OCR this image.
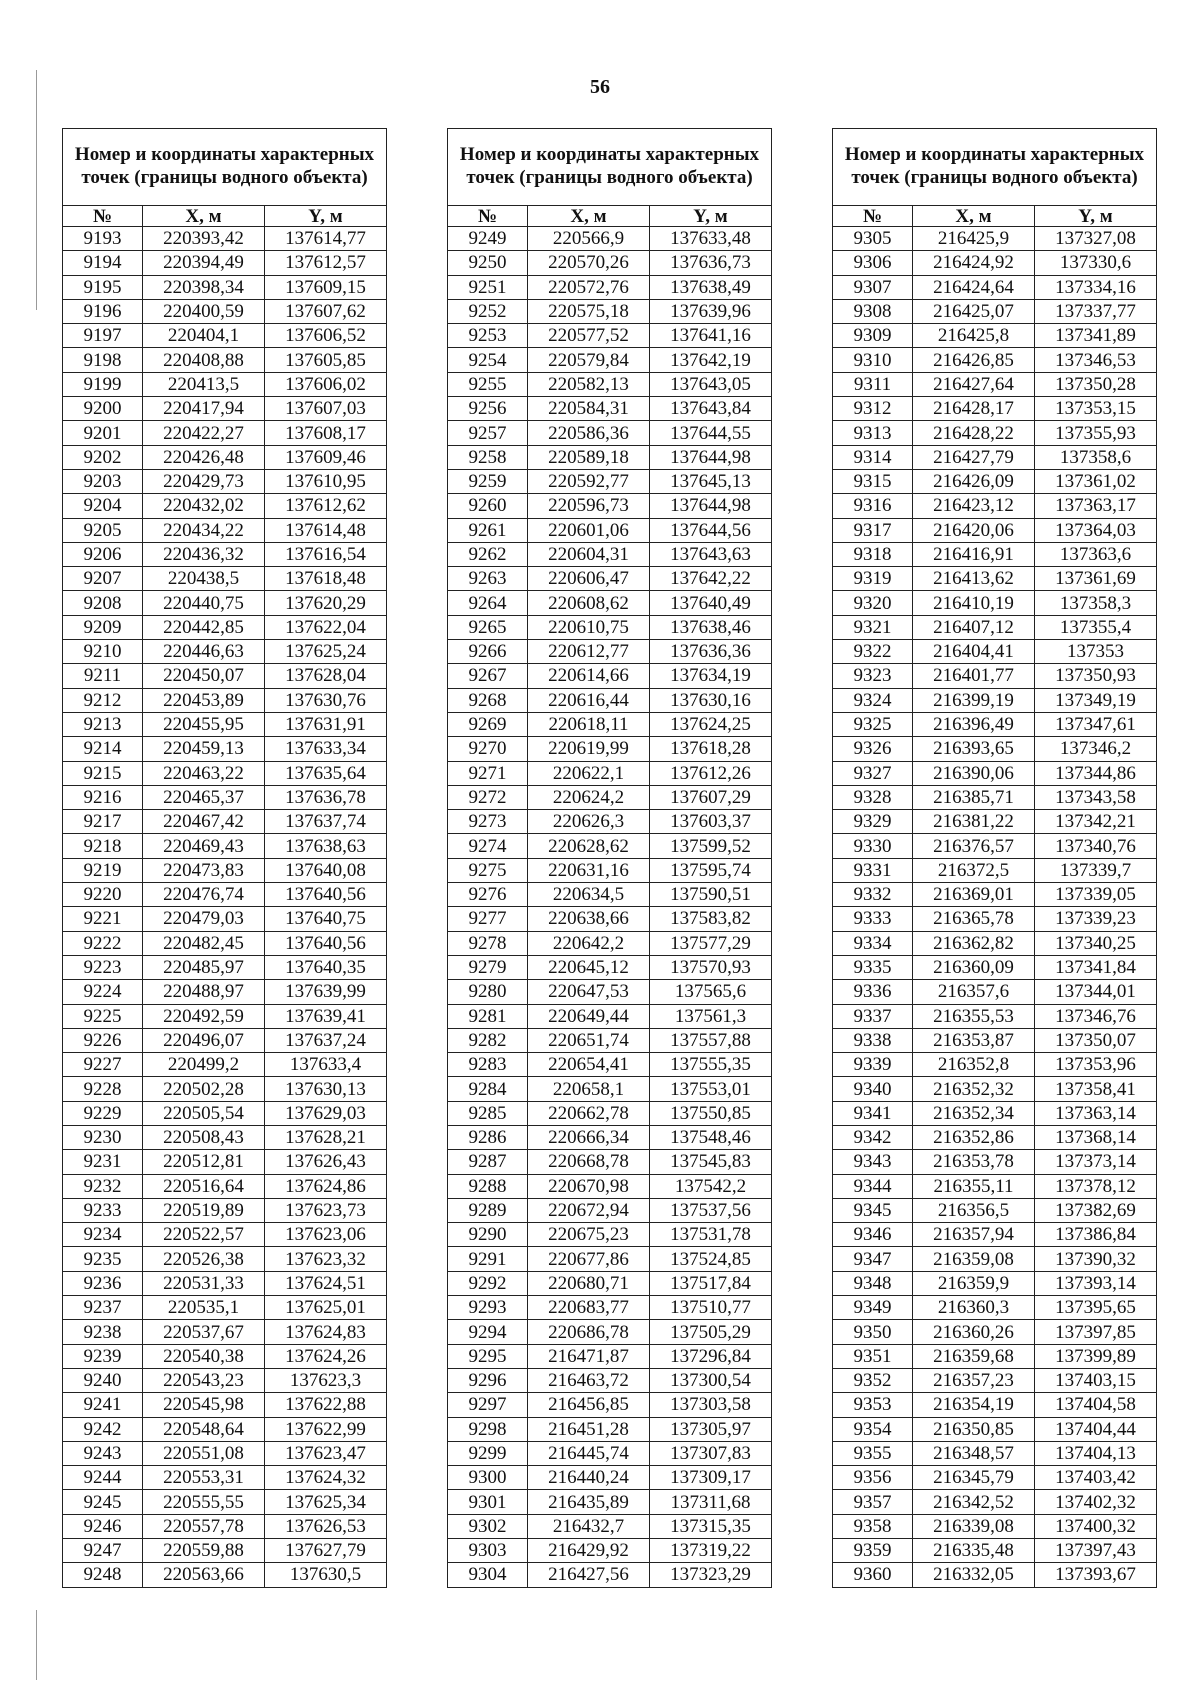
56
Номер и координаты характерных точек (границы водного объекта)		
№	X, м	Y, м
9193	220393,42	137614,77
9194	220394,49	137612,57
9195	220398,34	137609,15
9196	220400,59	137607,62
9197	220404,1	137606,52
9198	220408,88	137605,85
9199	220413,5	137606,02
9200	220417,94	137607,03
9201	220422,27	137608,17
9202	220426,48	137609,46
9203	220429,73	137610,95
9204	220432,02	137612,62
9205	220434,22	137614,48
9206	220436,32	137616,54
9207	220438,5	137618,48
9208	220440,75	137620,29
9209	220442,85	137622,04
9210	220446,63	137625,24
9211	220450,07	137628,04
9212	220453,89	137630,76
9213	220455,95	137631,91
9214	220459,13	137633,34
9215	220463,22	137635,64
9216	220465,37	137636,78
9217	220467,42	137637,74
9218	220469,43	137638,63
9219	220473,83	137640,08
9220	220476,74	137640,56
9221	220479,03	137640,75
9222	220482,45	137640,56
9223	220485,97	137640,35
9224	220488,97	137639,99
9225	220492,59	137639,41
9226	220496,07	137637,24
9227	220499,2	137633,4
9228	220502,28	137630,13
9229	220505,54	137629,03
9230	220508,43	137628,21
9231	220512,81	137626,43
9232	220516,64	137624,86
9233	220519,89	137623,73
9234	220522,57	137623,06
9235	220526,38	137623,32
9236	220531,33	137624,51
9237	220535,1	137625,01
9238	220537,67	137624,83
9239	220540,38	137624,26
9240	220543,23	137623,3
9241	220545,98	137622,88
9242	220548,64	137622,99
9243	220551,08	137623,47
9244	220553,31	137624,32
9245	220555,55	137625,34
9246	220557,78	137626,53
9247	220559,88	137627,79
9248	220563,66	137630,5
Номер и координаты характерных точек (границы водного объекта)		
№	X, м	Y, м
9249	220566,9	137633,48
9250	220570,26	137636,73
9251	220572,76	137638,49
9252	220575,18	137639,96
9253	220577,52	137641,16
9254	220579,84	137642,19
9255	220582,13	137643,05
9256	220584,31	137643,84
9257	220586,36	137644,55
9258	220589,18	137644,98
9259	220592,77	137645,13
9260	220596,73	137644,98
9261	220601,06	137644,56
9262	220604,31	137643,63
9263	220606,47	137642,22
9264	220608,62	137640,49
9265	220610,75	137638,46
9266	220612,77	137636,36
9267	220614,66	137634,19
9268	220616,44	137630,16
9269	220618,11	137624,25
9270	220619,99	137618,28
9271	220622,1	137612,26
9272	220624,2	137607,29
9273	220626,3	137603,37
9274	220628,62	137599,52
9275	220631,16	137595,74
9276	220634,5	137590,51
9277	220638,66	137583,82
9278	220642,2	137577,29
9279	220645,12	137570,93
9280	220647,53	137565,6
9281	220649,44	137561,3
9282	220651,74	137557,88
9283	220654,41	137555,35
9284	220658,1	137553,01
9285	220662,78	137550,85
9286	220666,34	137548,46
9287	220668,78	137545,83
9288	220670,98	137542,2
9289	220672,94	137537,56
9290	220675,23	137531,78
9291	220677,86	137524,85
9292	220680,71	137517,84
9293	220683,77	137510,77
9294	220686,78	137505,29
9295	216471,87	137296,84
9296	216463,72	137300,54
9297	216456,85	137303,58
9298	216451,28	137305,97
9299	216445,74	137307,83
9300	216440,24	137309,17
9301	216435,89	137311,68
9302	216432,7	137315,35
9303	216429,92	137319,22
9304	216427,56	137323,29
Номер и координаты характерных точек (границы водного объекта)		
№	X, м	Y, м
9305	216425,9	137327,08
9306	216424,92	137330,6
9307	216424,64	137334,16
9308	216425,07	137337,77
9309	216425,8	137341,89
9310	216426,85	137346,53
9311	216427,64	137350,28
9312	216428,17	137353,15
9313	216428,22	137355,93
9314	216427,79	137358,6
9315	216426,09	137361,02
9316	216423,12	137363,17
9317	216420,06	137364,03
9318	216416,91	137363,6
9319	216413,62	137361,69
9320	216410,19	137358,3
9321	216407,12	137355,4
9322	216404,41	137353
9323	216401,77	137350,93
9324	216399,19	137349,19
9325	216396,49	137347,61
9326	216393,65	137346,2
9327	216390,06	137344,86
9328	216385,71	137343,58
9329	216381,22	137342,21
9330	216376,57	137340,76
9331	216372,5	137339,7
9332	216369,01	137339,05
9333	216365,78	137339,23
9334	216362,82	137340,25
9335	216360,09	137341,84
9336	216357,6	137344,01
9337	216355,53	137346,76
9338	216353,87	137350,07
9339	216352,8	137353,96
9340	216352,32	137358,41
9341	216352,34	137363,14
9342	216352,86	137368,14
9343	216353,78	137373,14
9344	216355,11	137378,12
9345	216356,5	137382,69
9346	216357,94	137386,84
9347	216359,08	137390,32
9348	216359,9	137393,14
9349	216360,3	137395,65
9350	216360,26	137397,85
9351	216359,68	137399,89
9352	216357,23	137403,15
9353	216354,19	137404,58
9354	216350,85	137404,44
9355	216348,57	137404,13
9356	216345,79	137403,42
9357	216342,52	137402,32
9358	216339,08	137400,32
9359	216335,48	137397,43
9360	216332,05	137393,67
